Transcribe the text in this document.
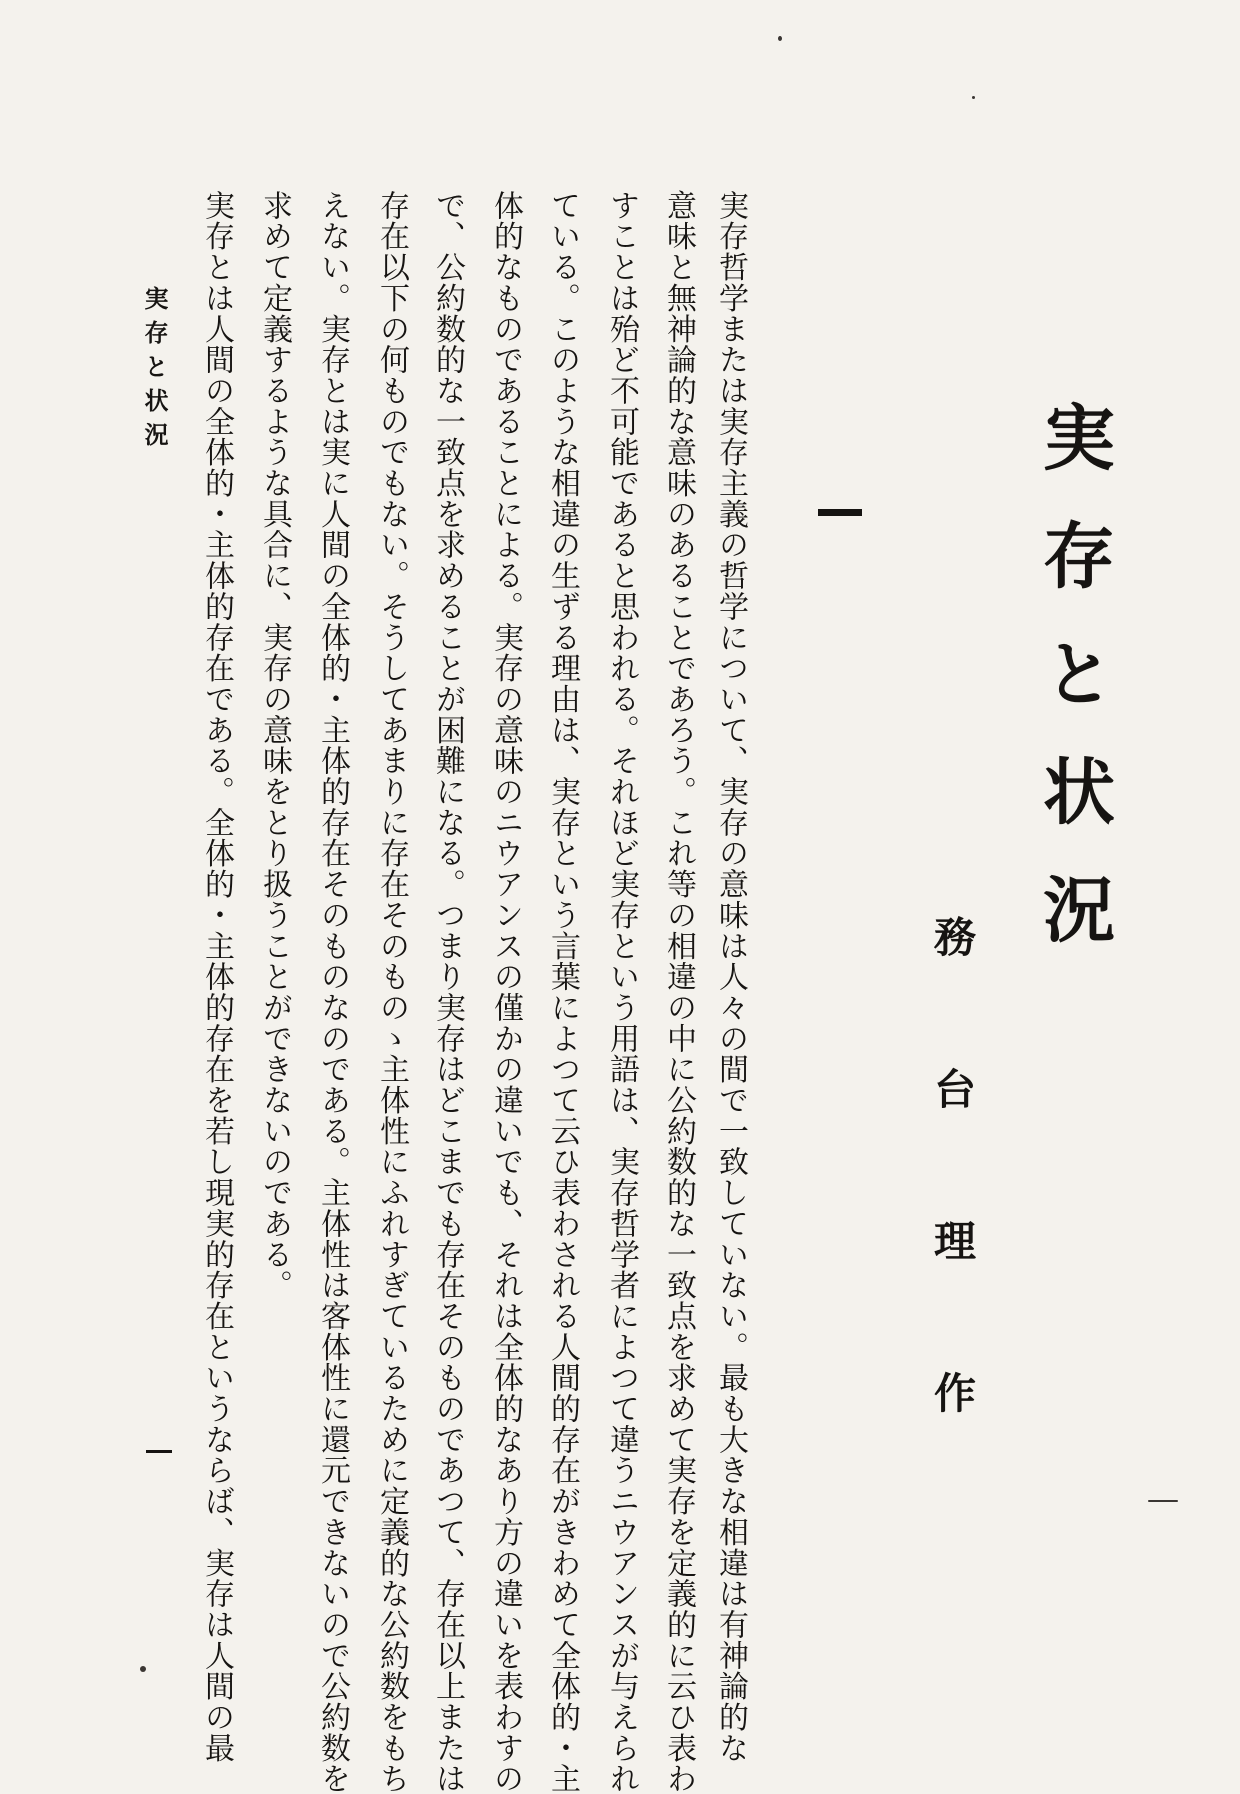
実存と状況
務
台
理
作

実存哲学または実存主義の哲学について、実存の意味は人々の間で一致していない。最も大きな相違は有神論的な

意味と無神論的な意味のあることであろう。これ等の相違の中に公約数的な一致点を求めて実存を定義的に云ひ表わ

すことは殆ど不可能であると思われる。それほど実存という用語は、実存哲学者によつて違うニウアンスが与えられ

ている。このような相違の生ずる理由は、実存という言葉によつて云ひ表わされる人間的存在がきわめて全体的・主

体的なものであることによる。実存の意味のニウアンスの僅かの違いでも、それは全体的なあり方の違いを表わすの

で、公約数的な一致点を求めることが困難になる。つまり実存はどこまでも存在そのものであつて、存在以上または

存在以下の何ものでもない。そうしてあまりに存在そのものゝ主体性にふれすぎているために定義的な公約数をもち

えない。実存とは実に人間の全体的・主体的存在そのものなのである。主体性は客体性に還元できないので公約数を

求めて定義するような具合に、実存の意味をとり扱うことができないのである。

実存とは人間の全体的・主体的存在である。全体的・主体的存在を若し現実的存在というならば、実存は人間の最

実存と状況
